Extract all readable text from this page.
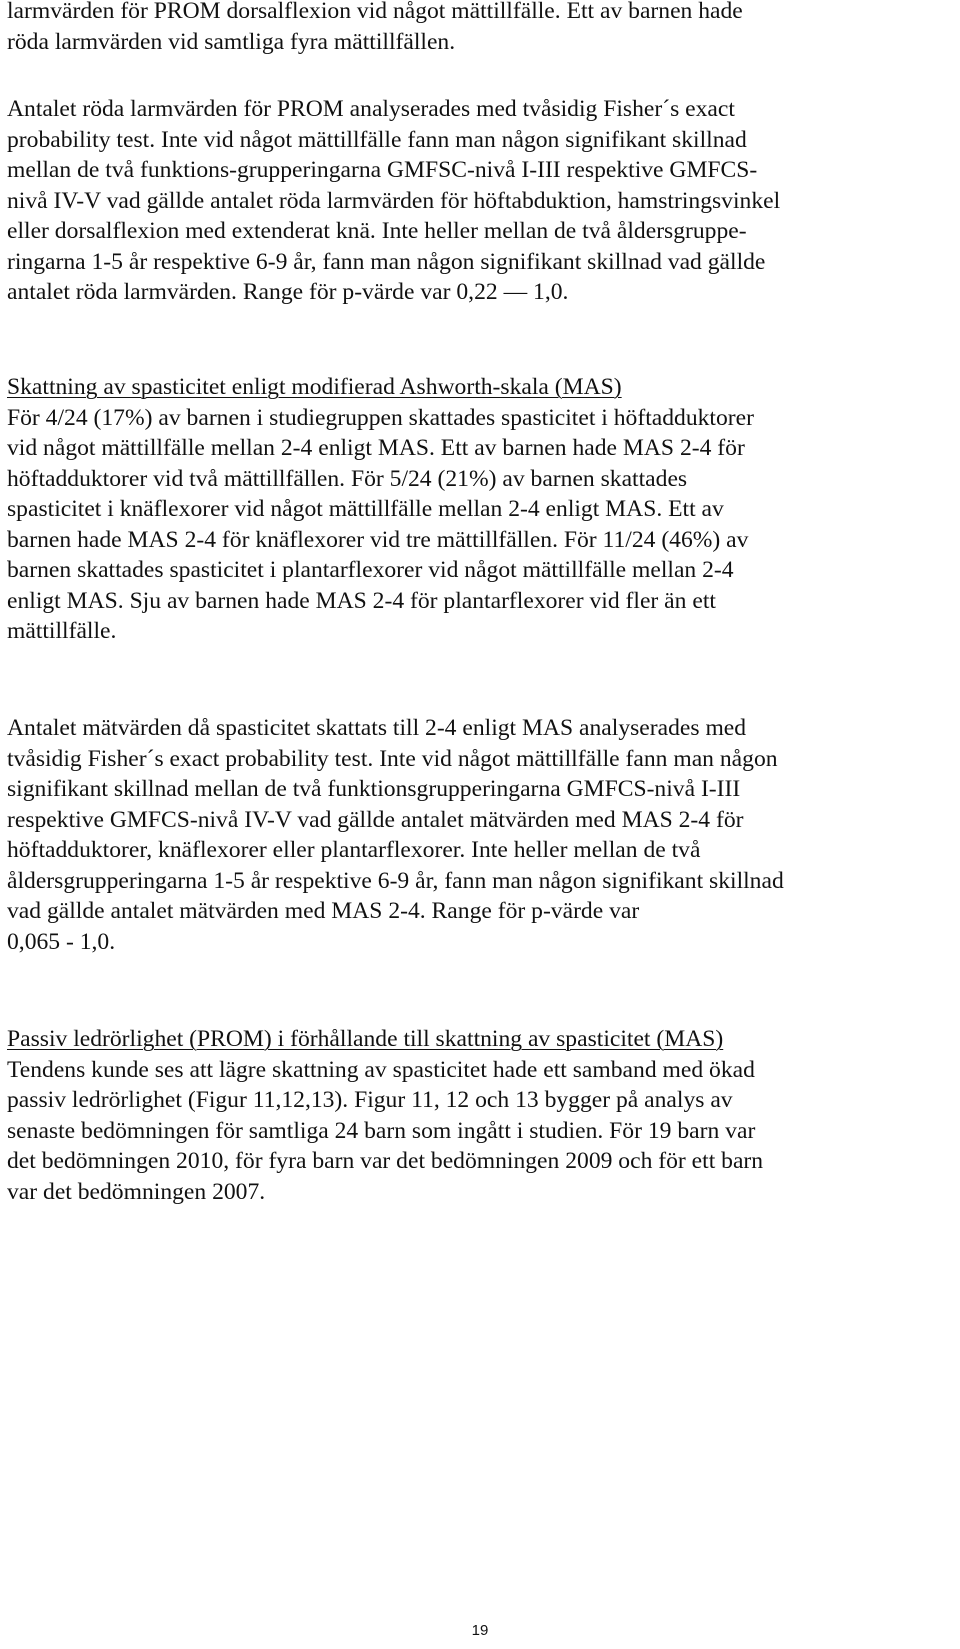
larmvärden för PROM dorsalflexion vid något mättillfälle. Ett av barnen hade
röda larmvärden vid samtliga fyra mättillfällen.
Antalet röda larmvärden för PROM analyserades med tvåsidig Fisher´s exact
probability test. Inte vid något mättillfälle fann man någon signifikant skillnad
mellan de två funktions-grupperingarna GMFSC-nivå I-III respektive GMFCS-
nivå IV-V vad gällde antalet röda larmvärden för höftabduktion, hamstringsvinkel
eller dorsalflexion med extenderat knä. Inte heller mellan de två åldersgruppe-
ringarna 1-5 år respektive 6-9 år, fann man någon signifikant skillnad vad gällde
antalet röda larmvärden. Range för p-värde var 0,22 — 1,0.
Skattning av spasticitet enligt modifierad Ashworth-skala (MAS)
För 4/24 (17%) av barnen i studiegruppen skattades spasticitet i höftadduktorer
vid något mättillfälle mellan 2-4 enligt MAS. Ett av barnen hade MAS 2-4 för
höftadduktorer vid två mättillfällen. För 5/24 (21%) av barnen skattades
spasticitet i knäflexorer vid något mättillfälle mellan 2-4 enligt MAS. Ett av
barnen hade MAS 2-4 för knäflexorer vid tre mättillfällen. För 11/24 (46%) av
barnen skattades spasticitet i plantarflexorer vid något mättillfälle mellan 2-4
enligt MAS. Sju av barnen hade MAS 2-4 för plantarflexorer vid fler än ett
mättillfälle.
Antalet mätvärden då spasticitet skattats till 2-4 enligt MAS analyserades med
tvåsidig Fisher´s exact probability test. Inte vid något mättillfälle fann man någon
signifikant skillnad mellan de två funktionsgrupperingarna GMFCS-nivå I-III
respektive GMFCS-nivå IV-V vad gällde antalet mätvärden med MAS 2-4 för
höftadduktorer, knäflexorer eller plantarflexorer. Inte heller mellan de två
åldersgrupperingarna 1-5 år respektive 6-9 år, fann man någon signifikant skillnad
vad gällde antalet mätvärden med MAS 2-4. Range för p-värde var
0,065 - 1,0.
Passiv ledrörlighet (PROM) i förhållande till skattning av spasticitet (MAS)
Tendens kunde ses att lägre skattning av spasticitet hade ett samband med ökad
passiv ledrörlighet (Figur 11,12,13). Figur 11, 12 och 13 bygger på analys av
senaste bedömningen för samtliga 24 barn som ingått i studien. För 19 barn var
det bedömningen 2010, för fyra barn var det bedömningen 2009 och för ett barn
var det bedömningen 2007.
19
